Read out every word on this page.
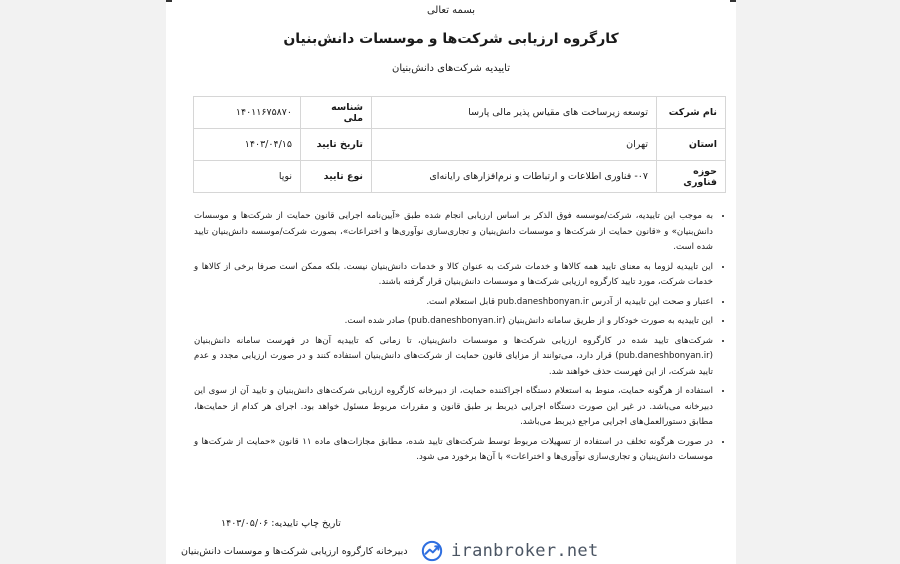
بسمه تعالی
کارگروه ارزیابی شرکت‌ها و موسسات دانش‌بنیان
تاییدیه شرکت‌های دانش‌بنیان
نام شرکت	توسعه زیرساخت های مقیاس پذیر مالی پارسا	شناسه ملی	۱۴۰۱۱۶۷۵۸۷۰
استان	تهران	تاریخ تایید	۱۴۰۳/۰۴/۱۵
حوزه فناوری	۰۷- فناوری اطلاعات و ارتباطات و نرم‌افزارهای رایانه‌ای	نوع تایید	نوپا
• به موجب این تاییدیه، شرکت/موسسه فوق الذکر بر اساس ارزیابی انجام شده طبق «آیین‌نامه اجرایی قانون حمایت از شرکت‌ها و موسسات دانش‌بنیان» و «قانون حمایت از شرکت‌ها و موسسات دانش‌بنیان و تجاری‌سازی نوآوری‌ها و اختراعات»، بصورت شرکت/موسسه دانش‌بنیان تایید شده است.
• این تاییدیه لزوما به معنای تایید همه کالاها و خدمات شرکت به عنوان کالا و خدمات دانش‌بنیان نیست. بلکه ممکن است صرفا برخی از کالاها و خدمات شرکت، مورد تایید کارگروه ارزیابی شرکت‌ها و موسسات دانش‌بنیان قرار گرفته باشند.
• اعتبار و صحت این تاییدیه از آدرس pub.daneshbonyan.ir قابل استعلام است.
• این تاییدیه به صورت خودکار و از طریق سامانه دانش‌بنیان (pub.daneshbonyan.ir) صادر شده است.
• شرکت‌های تایید شده در کارگروه ارزیابی شرکت‌ها و موسسات دانش‌بنیان، تا زمانی که تاییدیه آن‌ها در فهرست سامانه دانش‌بنیان (pub.daneshbonyan.ir) قرار دارد، می‌توانند از مزایای قانون حمایت از شرکت‌های دانش‌بنیان استفاده کنند و در صورت ارزیابی مجدد و عدم تایید شرکت، از این فهرست حذف خواهند شد.
• استفاده از هرگونه حمایت، منوط به استعلام دستگاه اجراکننده حمایت، از دبیرخانه کارگروه ارزیابی شرکت‌های دانش‌بنیان و تایید آن از سوی این دبیرخانه می‌باشد. در غیر این صورت دستگاه اجرایی ذیربط بر طبق قانون و مقررات مربوط مسئول خواهد بود. اجرای هر کدام از حمایت‌ها، مطابق دستورالعمل‌های اجرایی مراجع ذیربط می‌باشد.
• در صورت هرگونه تخلف در استفاده از تسهیلات مربوط توسط شرکت‌های تایید شده، مطابق مجازات‌های ماده ۱۱ قانون «حمایت از شرکت‌ها و موسسات دانش‌بنیان و تجاری‌سازی نوآوری‌ها و اختراعات» با آن‌ها برخورد می شود.
تاریخ چاپ تاییدیه: ۱۴۰۳/۰۵/۰۶
دبیرخانه کارگروه ارزیابی شرکت‌ها و موسسات دانش‌بنیان	iranbroker.net
